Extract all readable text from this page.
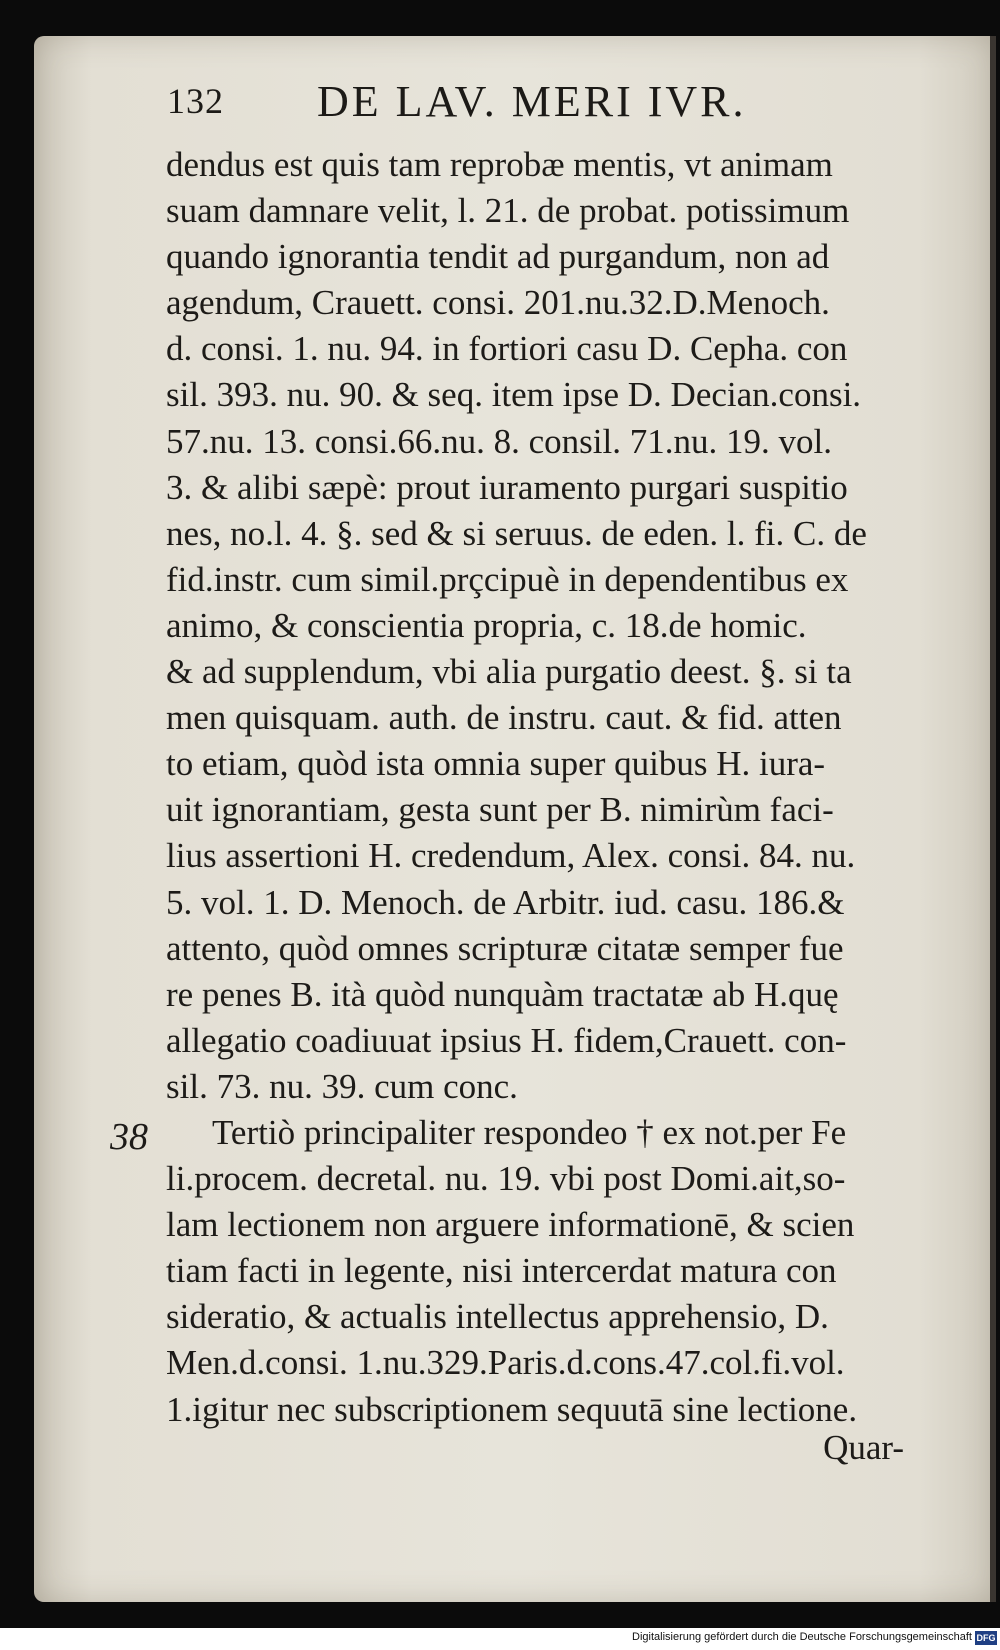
132 DE LAV. MERI IVR.
38
dendus est quis tam reprobæ mentis, vt animam
suam damnare velit, l. 21. de probat. potissimum
quando ignorantia tendit ad purgandum, non ad
agendum, Crauett. consi. 201.nu.32.D.Menoch.
d. consi. 1. nu. 94. in fortiori casu D. Cepha. con
sil. 393. nu. 90. & seq. item ipse D. Decian.consi.
57.nu. 13. consi.66.nu. 8. consil. 71.nu. 19. vol.
3. & alibi sæpè: prout iuramento purgari suspitio
nes, no.l. 4. §. sed & si seruus. de eden. l. fi. C. de
fid.instr. cum simil.prçcipuè in dependentibus ex
animo, & conscientia propria, c. 18.de homic.
& ad supplendum, vbi alia purgatio deest. §. si ta
men quisquam. auth. de instru. caut. & fid. atten
to etiam, quòd ista omnia super quibus H. iura-
uit ignorantiam, gesta sunt per B. nimirùm faci-
lius assertioni H. credendum, Alex. consi. 84. nu.
5. vol. 1. D. Menoch. de Arbitr. iud. casu. 186.&
attento, quòd omnes scripturæ citatæ semper fue
re penes B. ità quòd nunquàm tractatæ ab H.quę
allegatio coadiuuat ipsius H. fidem,Crauett. con-
sil. 73. nu. 39. cum conc.
Tertiò principaliter respondeo † ex not.per Fe
li.procem. decretal. nu. 19. vbi post Domi.ait,so-
lam lectionem non arguere informationē, & scien
tiam facti in legente, nisi intercerdat matura con
sideratio, & actualis intellectus apprehensio, D.
Men.d.consi. 1.nu.329.Paris.d.cons.47.col.fi.vol.
1.igitur nec subscriptionem sequutā sine lectione.
Quar-
Digitalisierung gefördert durch die Deutsche Forschungsgemeinschaft DFG
